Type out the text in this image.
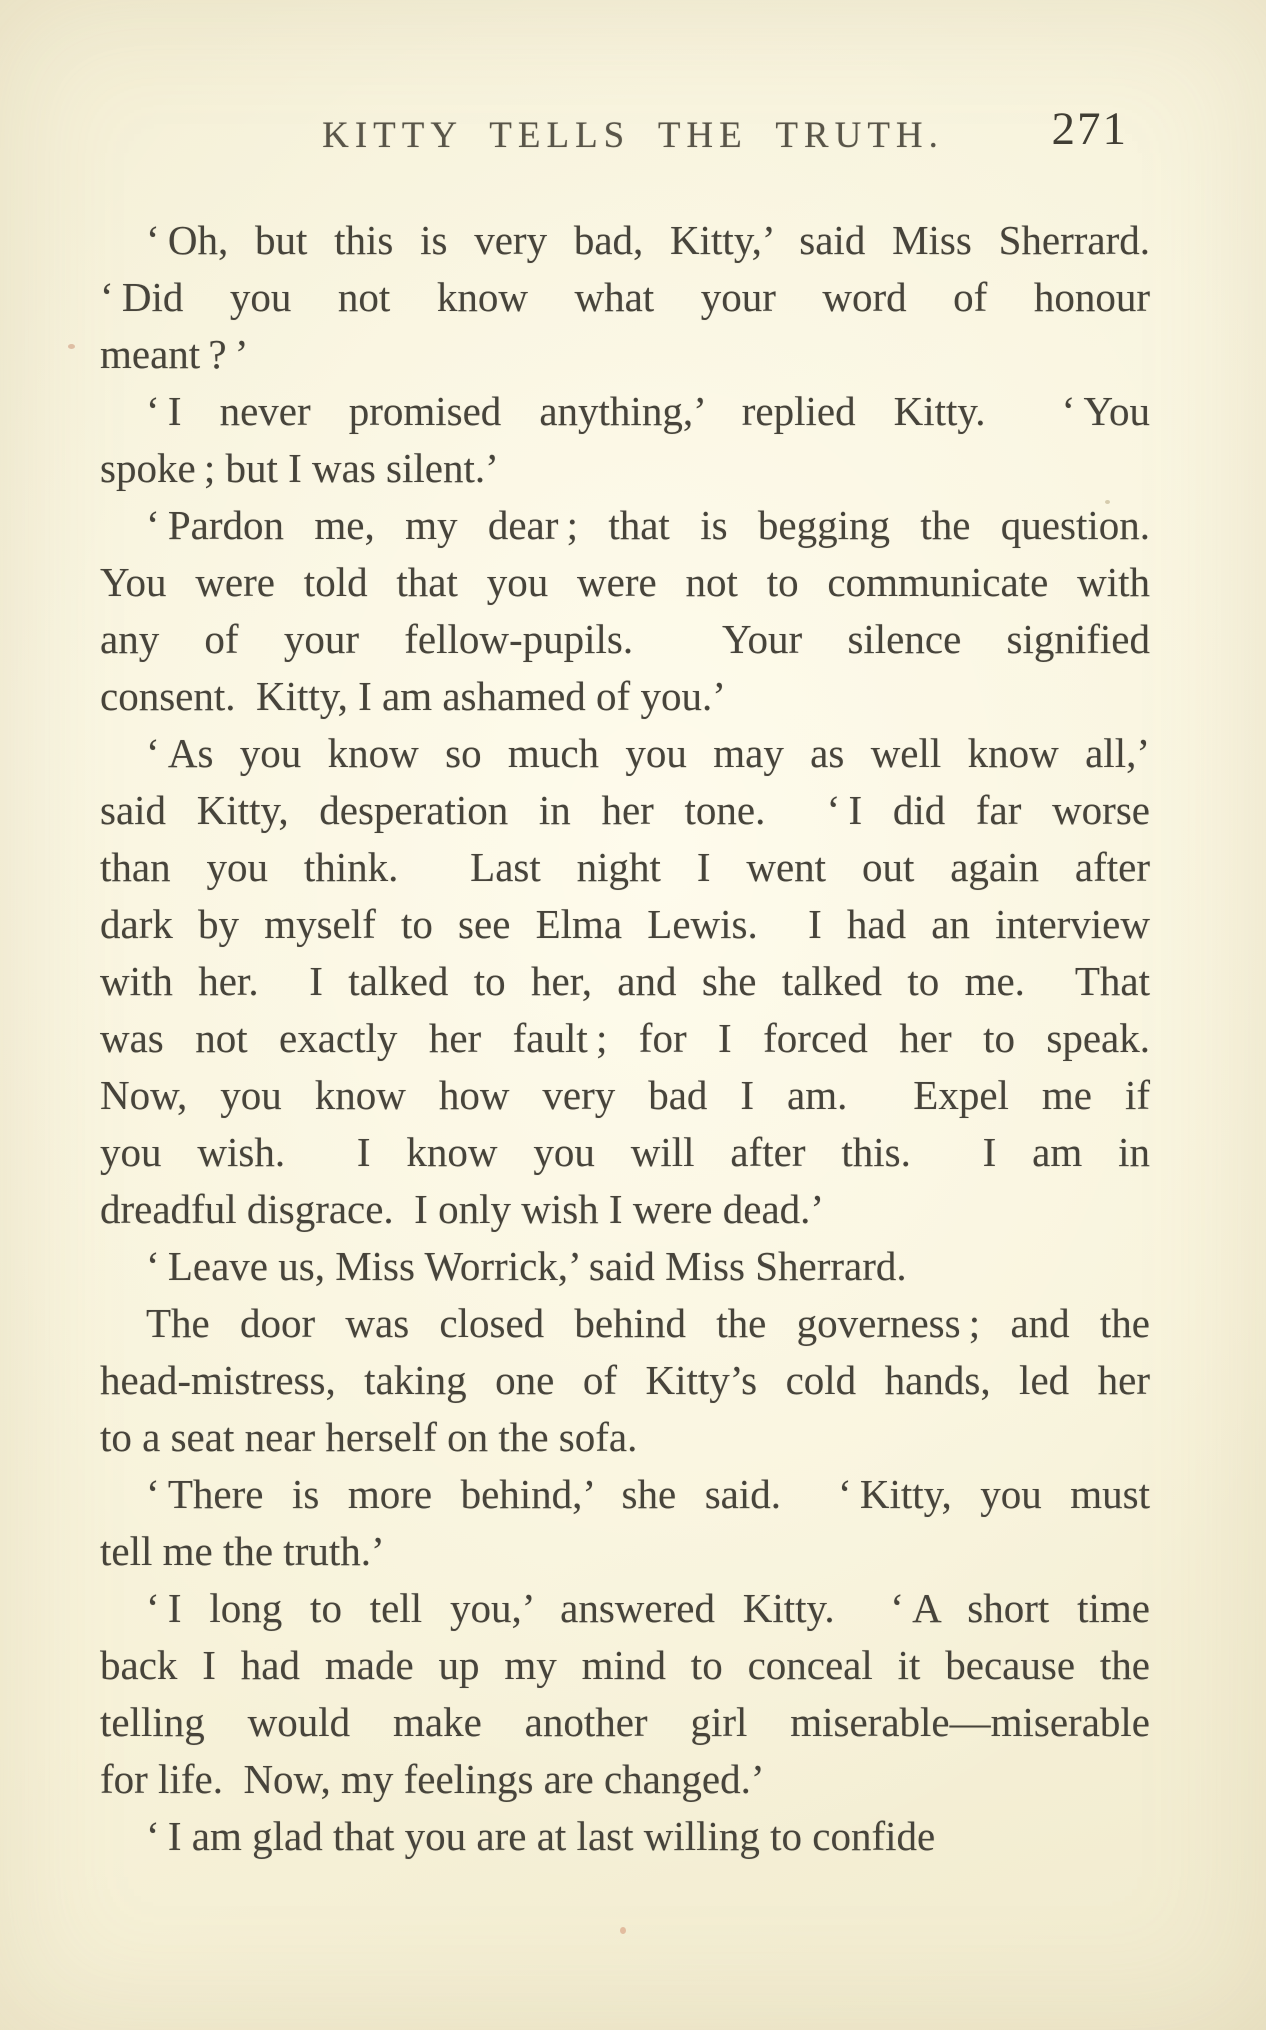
KITTY TELLS THE TRUTH.	271
‘ Oh, but this is very bad, Kitty,’ said Miss Sherrard.
‘ Did you not know what your word of honour
meant ? ’
‘ I never promised anything,’ replied Kitty.  ‘ You
spoke ; but I was silent.’
‘ Pardon me, my dear ; that is begging the question.
You were told that you were not to communicate with
any of your fellow-pupils.  Your silence signified
consent.  Kitty, I am ashamed of you.’
‘ As you know so much you may as well know all,’
said Kitty, desperation in her tone.  ‘ I did far worse
than you think.  Last night I went out again after
dark by myself to see Elma Lewis.  I had an interview
with her.  I talked to her, and she talked to me.  That
was not exactly her fault ; for I forced her to speak.
Now, you know how very bad I am.  Expel me if
you wish.  I know you will after this.  I am in
dreadful disgrace.  I only wish I were dead.’
‘ Leave us, Miss Worrick,’ said Miss Sherrard.
The door was closed behind the governess ; and the
head-mistress, taking one of Kitty’s cold hands, led her
to a seat near herself on the sofa.
‘ There is more behind,’ she said.  ‘ Kitty, you must
tell me the truth.’
‘ I long to tell you,’ answered Kitty.  ‘ A short time
back I had made up my mind to conceal it because the
telling would make another girl miserable—miserable
for life.  Now, my feelings are changed.’
‘ I am glad that you are at last willing to confide
